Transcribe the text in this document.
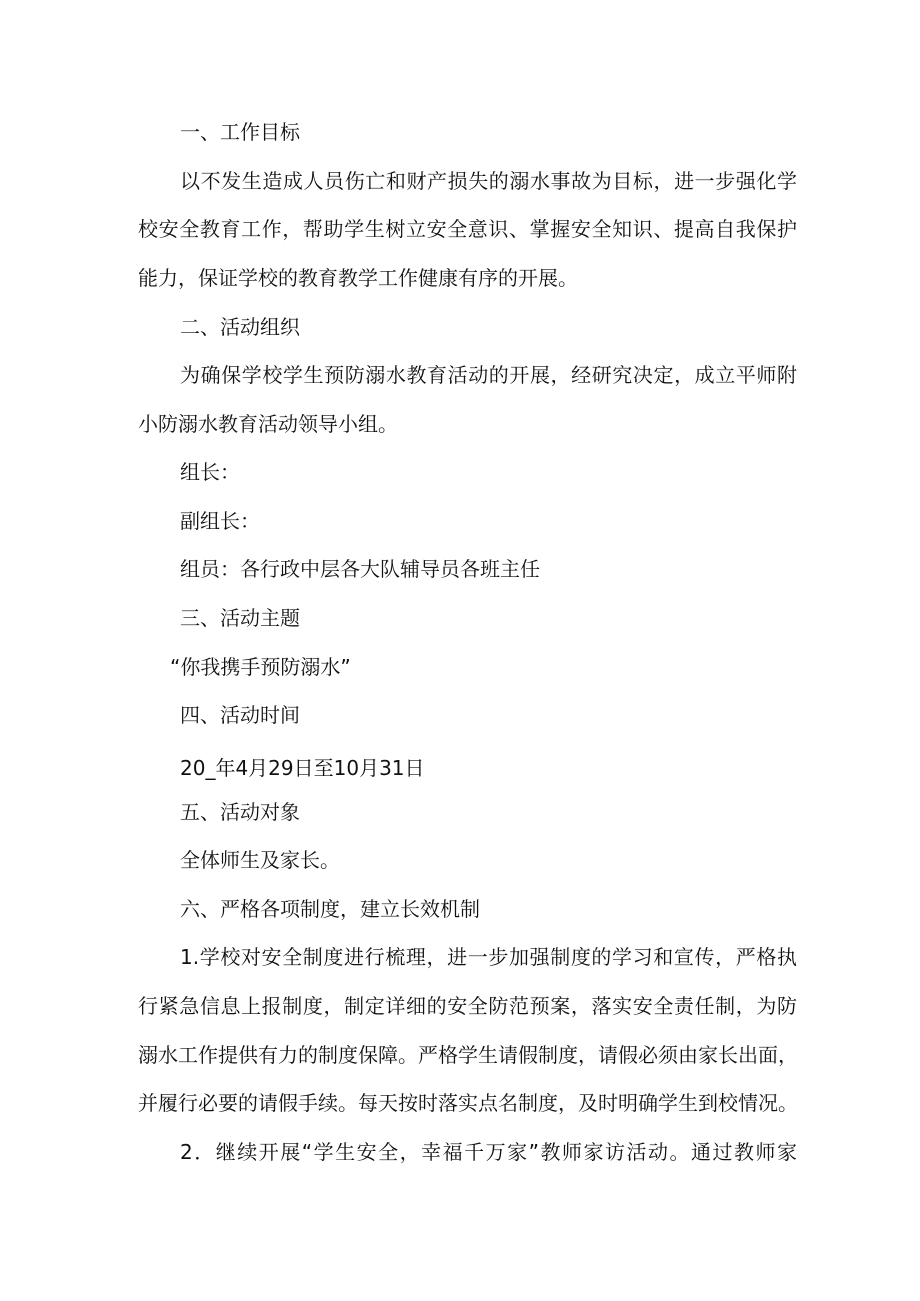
一、工作目标
以不发生造成人员伤亡和财产损失的溺水事故为目标，进一步强化学
校安全教育工作，帮助学生树立安全意识、掌握安全知识、提高自我保护
能力，保证学校的教育教学工作健康有序的开展。
二、活动组织
为确保学校学生预防溺水教育活动的开展，经研究决定，成立平师附
小防溺水教育活动领导小组。
组长：
副组长：
组员：各行政中层各大队辅导员各班主任
三、活动主题
“你我携手预防溺水”
四、活动时间
20_年4月29日至10月31日
五、活动对象
全体师生及家长。
六、严格各项制度，建立长效机制
1.学校对安全制度进行梳理，进一步加强制度的学习和宣传，严格执
行紧急信息上报制度，制定详细的安全防范预案，落实安全责任制，为防
溺水工作提供有力的制度保障。严格学生请假制度，请假必须由家长出面，
并履行必要的请假手续。每天按时落实点名制度，及时明确学生到校情况。
2．继续开展“学生安全，幸福千万家”教师家访活动。通过教师家
